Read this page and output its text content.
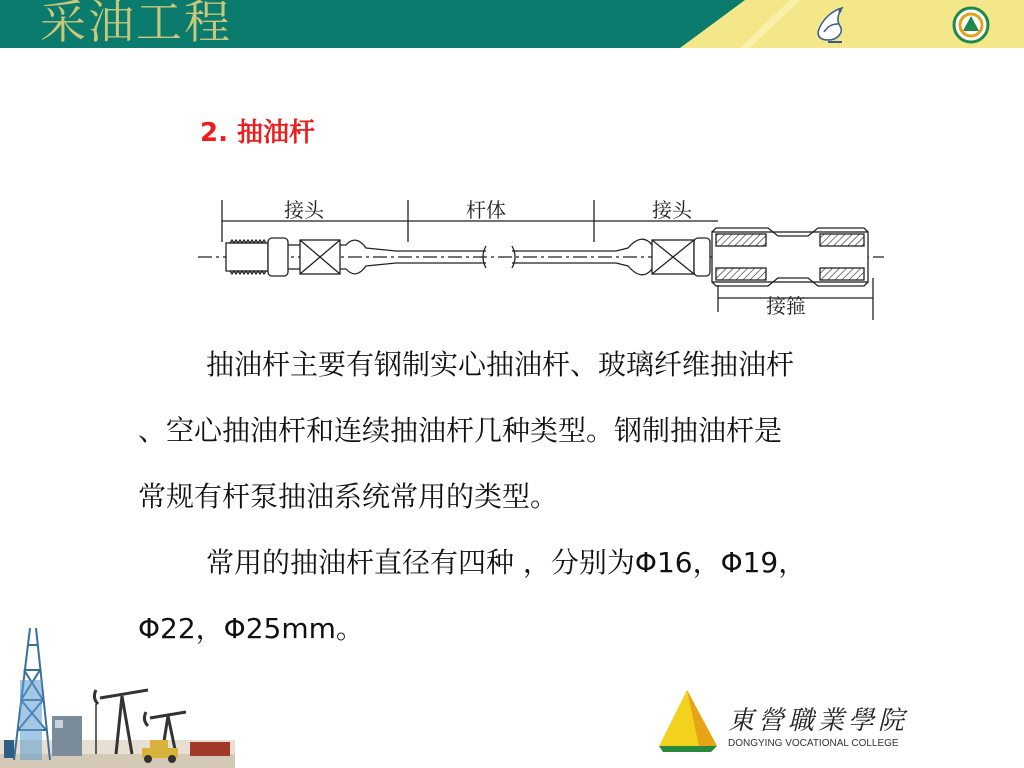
采油工程
2. 抽油杆
接头	杆体	接头
接箍
抽油杆主要有钢制实心抽油杆、玻璃纤维抽油杆
、空心抽油杆和连续抽油杆几种类型。钢制抽油杆是
常规有杆泵抽油系统常用的类型。
常用的抽油杆直径有四种 ，分别为Φ16，Φ19，
Φ22，Φ25mm。
東營職業學院
DONGYING VOCATIONAL COLLEGE
